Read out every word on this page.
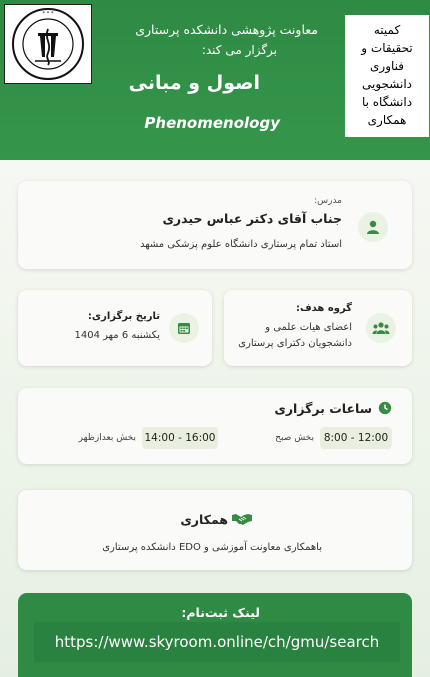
* * *
معاونت پژوهشی دانشکده پرستاری
برگزار می کند:
اصول و مبانی
Phenomenology
کمیته
تحقیقات و
فناوری
دانشجویی
دانشگاه با
همکاری
مدرس:
جناب آقای دکتر عباس حیدری
استاد تمام پرستاری دانشگاه علوم پزشکی مشهد
گروه هدف:
اعضای هیات علمی و
دانشجویان دکترای پرستاری
تاریخ برگزاری:
یکشنبه 6 مهر 1404
ساعات برگزاری
8:00 - 12:00
بخش صبح
14:00 - 16:00
بخش بعدازظهر
همکاری
باهمکاری معاونت آموزشی و EDO دانشکده پرستاری
لینک ثبت‌نام:
https://www.skyroom.online/ch/gmu/search
